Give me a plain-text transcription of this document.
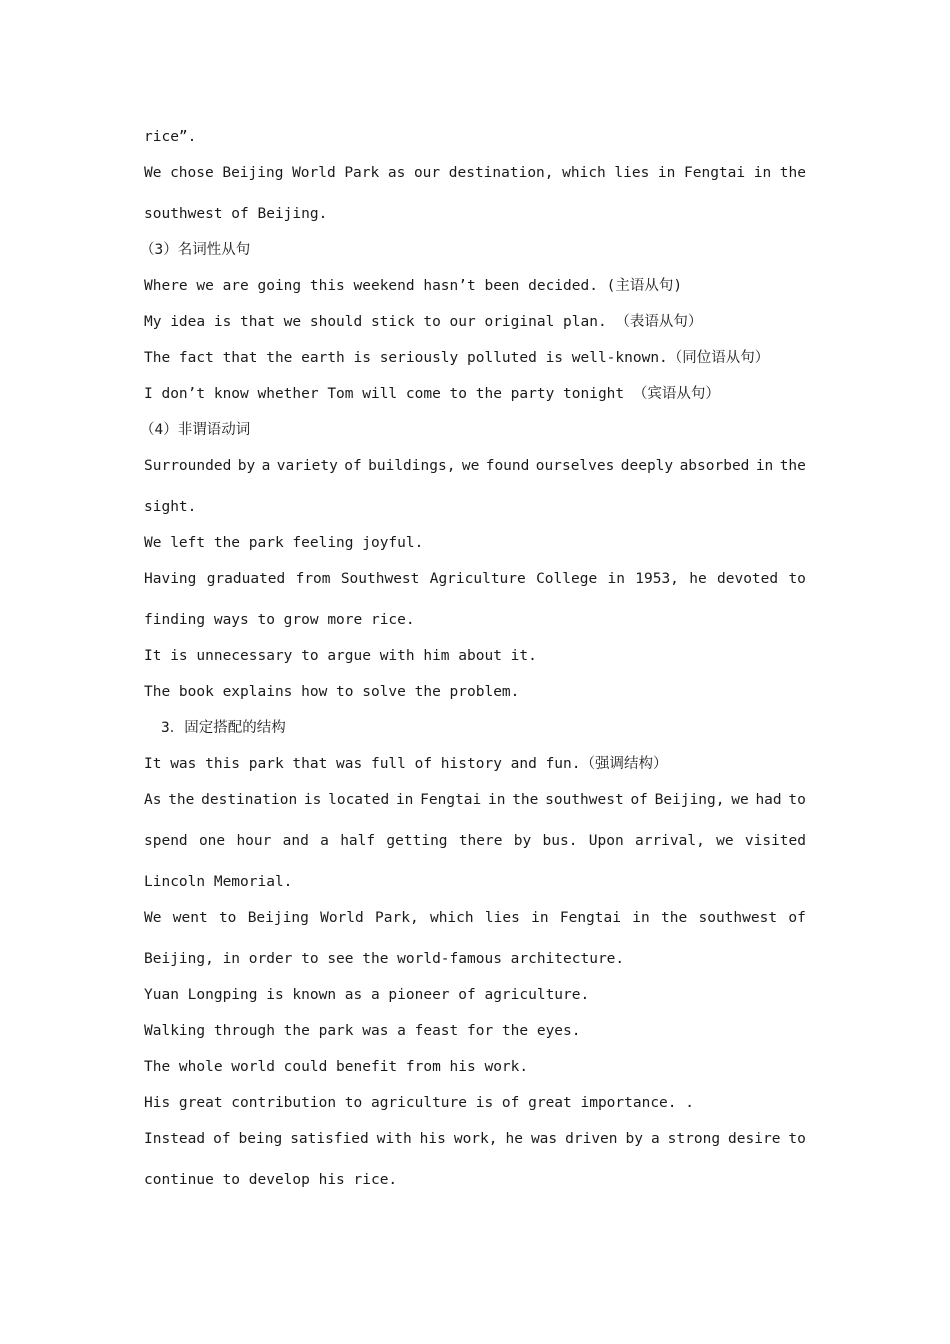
rice”.
We chose Beijing World Park as our destination, which lies in Fengtai in the
southwest of Beijing.
（3）名词性从句
Where we are going this weekend hasn’t been decided. (主语从句)
My idea is that we should stick to our original plan. （表语从句）
The fact that the earth is seriously polluted is well-known.（同位语从句）
I don’t know whether Tom will come to the party tonight （宾语从句）
（4）非谓语动词
Surrounded by a variety of buildings, we found ourselves deeply absorbed in the
sight.
We left the park feeling joyful.
Having graduated from Southwest Agriculture College in 1953, he devoted to
finding ways to grow more rice.
It is unnecessary to argue with him about it.
The book explains how to solve the problem.
3．固定搭配的结构
It was this park that was full of history and fun.（强调结构）
As the destination is located in Fengtai in the southwest of Beijing, we had to
spend one hour and a half getting there by bus. Upon arrival, we visited
Lincoln Memorial.
We went to Beijing World Park, which lies in Fengtai in the southwest of
Beijing, in order to see the world-famous architecture.
Yuan Longping is known as a pioneer of agriculture.
Walking through the park was a feast for the eyes.
The whole world could benefit from his work.
His great contribution to agriculture is of great importance. .
Instead of being satisfied with his work, he was driven by a strong desire to
continue to develop his rice.
